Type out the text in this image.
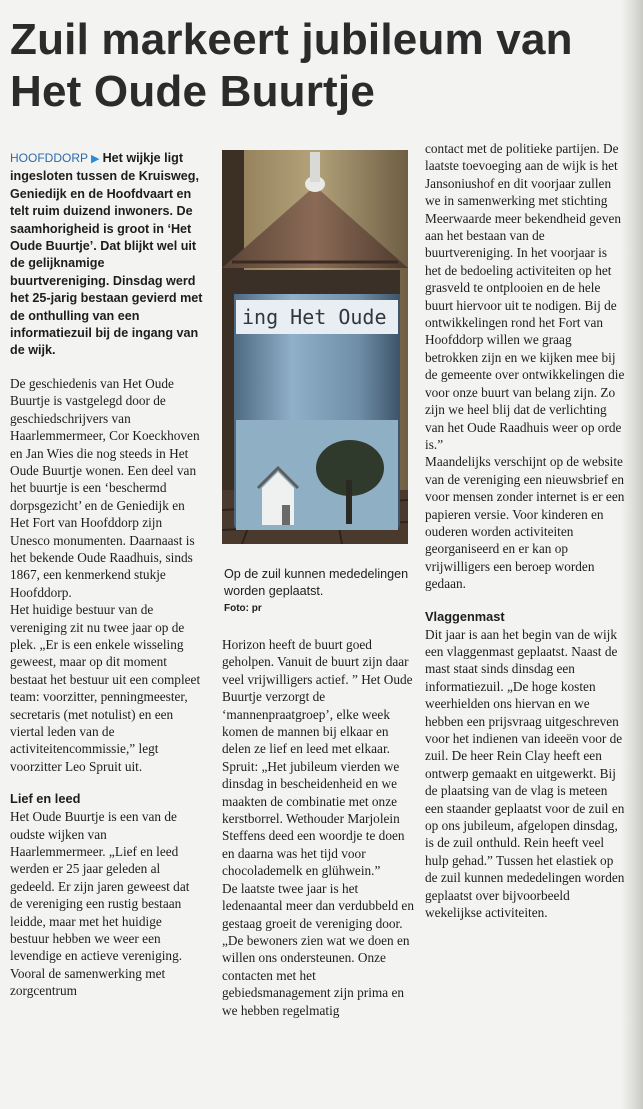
Zuil markeert jubileum van Het Oude Buurtje

HOOFDDORP ▶ Het wijkje ligt ingesloten tussen de Kruisweg, Geniedijk en de Hoofdvaart en telt ruim duizend inwoners. De saamhorigheid is groot in ‘Het Oude Buurtje’. Dat blijkt wel uit de gelijknamige buurtvereniging. Dinsdag werd het 25-jarig bestaan gevierd met de onthulling van een informatiezuil bij de ingang van de wijk.

De geschiedenis van Het Oude Buurtje is vastgelegd door de geschiedschrijvers van Haarlemmermeer, Cor Koeckhoven en Jan Wies die nog steeds in Het Oude Buurtje wonen. Een deel van het buurtje is een ‘beschermd dorpsgezicht’ en de Geniedijk en Het Fort van Hoofddorp zijn Unesco monumenten. Daarnaast is het bekende Oude Raadhuis, sinds 1867, een kenmerkend stukje Hoofddorp.

Het huidige bestuur van de vereniging zit nu twee jaar op de plek. „Er is een enkele wisseling geweest, maar op dit moment bestaat het bestuur uit een compleet team: voorzitter, penningmeester, secretaris (met notulist) en een viertal leden van de activiteitencommissie,” legt voorzitter Leo Spruit uit.

Lief en leed

Het Oude Buurtje is een van de oudste wijken van Haarlemmermeer. „Lief en leed werden er 25 jaar geleden al gedeeld. Er zijn jaren geweest dat de vereniging een rustig bestaan leidde, maar met het huidige bestuur hebben we weer een levendige en actieve vereniging. Vooral de samenwerking met zorgcentrum

ing Het Oude
Op de zuil kunnen mededelingen worden geplaatst.
Foto: pr

Horizon heeft de buurt goed geholpen. Vanuit de buurt zijn daar veel vrijwilligers actief. ” Het Oude Buurtje verzorgt de ‘mannenpraatgroep’, elke week komen de mannen bij elkaar en delen ze lief en leed met elkaar.

Spruit: „Het jubileum vierden we dinsdag in bescheidenheid en we maakten de combinatie met onze kerstborrel. Wethouder Marjolein Steffens deed een woordje te doen en daarna was het tijd voor chocolademelk en glühwein.”

De laatste twee jaar is het ledenaantal meer dan verdubbeld en gestaag groeit de vereniging door. „De bewoners zien wat we doen en willen ons ondersteunen. Onze contacten met het gebiedsmanagement zijn prima en we hebben regelmatig

contact met de politieke partijen. De laatste toevoeging aan de wijk is het Jansoniushof en dit voorjaar zullen we in samenwerking met stichting Meerwaarde meer bekendheid geven aan het bestaan van de buurtvereniging. In het voorjaar is het de bedoeling activiteiten op het grasveld te ontplooien en de hele buurt hiervoor uit te nodigen. Bij de ontwikkelingen rond het Fort van Hoofddorp willen we graag betrokken zijn en we kijken mee bij de gemeente over ontwikkelingen die voor onze buurt van belang zijn. Zo zijn we heel blij dat de verlichting van het Oude Raadhuis weer op orde is.”

Maandelijks verschijnt op de website van de vereniging een nieuwsbrief en voor mensen zonder internet is er een papieren versie. Voor kinderen en ouderen worden activiteiten georganiseerd en er kan op vrijwilligers een beroep worden gedaan.

Vlaggenmast

Dit jaar is aan het begin van de wijk een vlaggenmast geplaatst. Naast de mast staat sinds dinsdag een informatiezuil. „De hoge kosten weerhielden ons hiervan en we hebben een prijsvraag uitgeschreven voor het indienen van ideeën voor de zuil. De heer Rein Clay heeft een ontwerp gemaakt en uitgewerkt. Bij de plaatsing van de vlag is meteen een staander geplaatst voor de zuil en op ons jubileum, afgelopen dinsdag, is de zuil onthuld. Rein heeft veel hulp gehad.” Tussen het elastiek op de zuil kunnen mededelingen worden geplaatst over bijvoorbeeld wekelijkse activiteiten.
